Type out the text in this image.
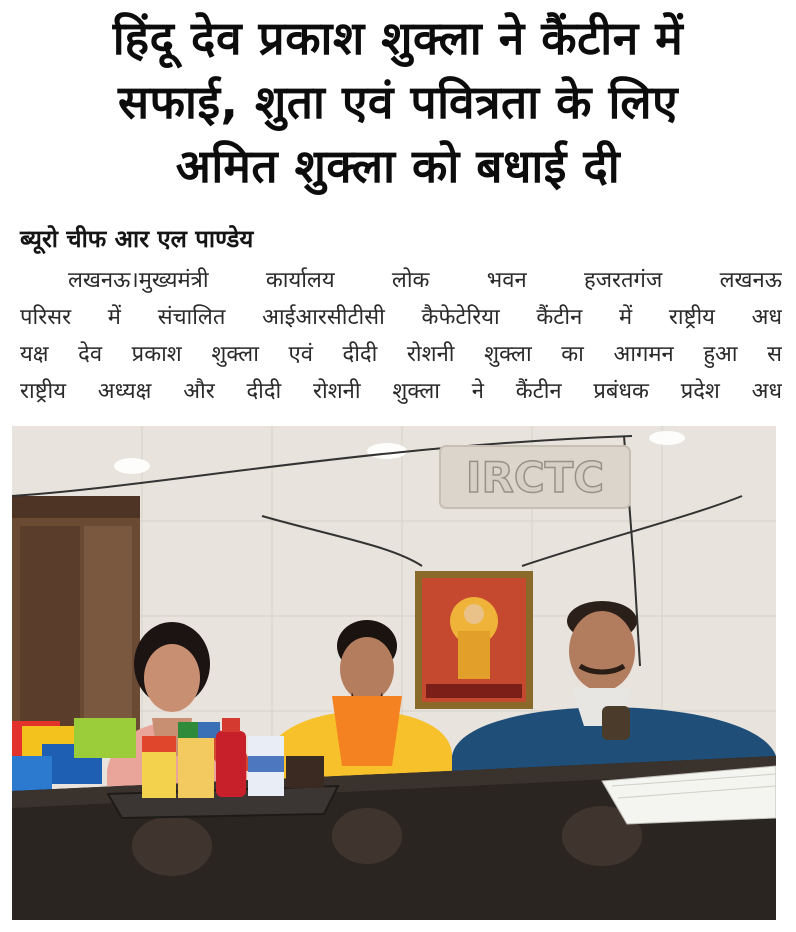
हिंदू देव प्रकाश शुक्ला ने कैंटीन में
सफाई, शुता एवं पवित्रता के लिए
अमित शुक्ला को बधाई दी
ब्यूरो चीफ आर एल पाण्डेय
लखनऊ।मुख्यमंत्री कार्यालय लोक भवन हजरतगंज लखनऊ
परिसर में संचालित आईआरसीटीसी कैफेटेरिया कैंटीन में राष्ट्रीय अध
यक्ष देव प्रकाश शुक्ला एवं दीदी रोशनी शुक्ला का आगमन हुआ स
राष्ट्रीय अध्यक्ष और दीदी रोशनी शुक्ला ने कैंटीन प्रबंधक प्रदेश अध

IRCTC
